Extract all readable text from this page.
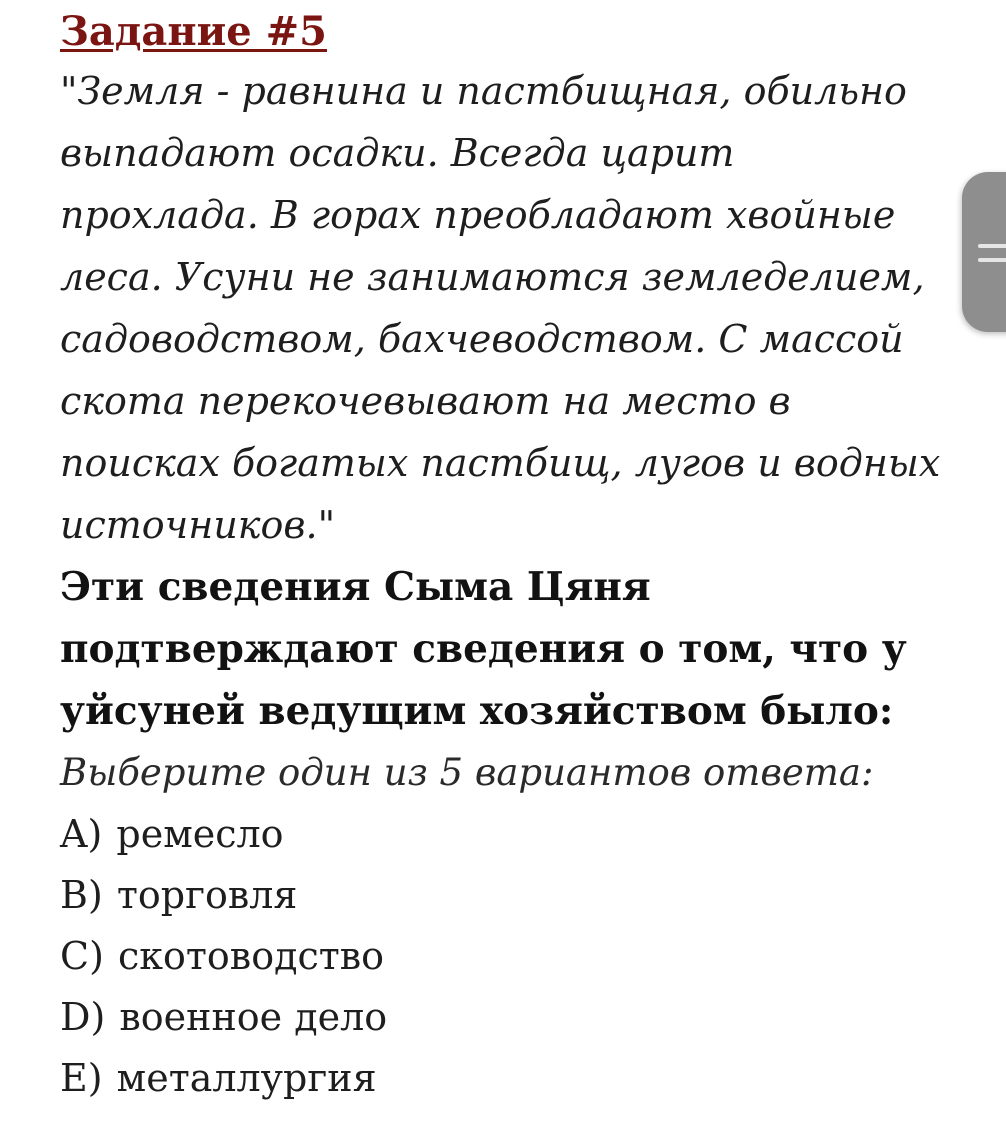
Задание #5
"Земля - равнина и пастбищная, обильно
выпадают осадки. Всегда царит
прохлада. В горах преобладают хвойные
леса. Усуни не занимаются земледелием,
садоводством, бахчеводством. С массой
скота перекочевывают на место в
поисках богатых пастбищ, лугов и водных
источников."
Эти сведения Сыма Цяня
подтверждают сведения о том, что у
уйсуней ведущим хозяйством было:
Выберите один из 5 вариантов ответа:
A) ремесло
B) торговля
C) скотоводство
D) военное дело
E) металлургия
